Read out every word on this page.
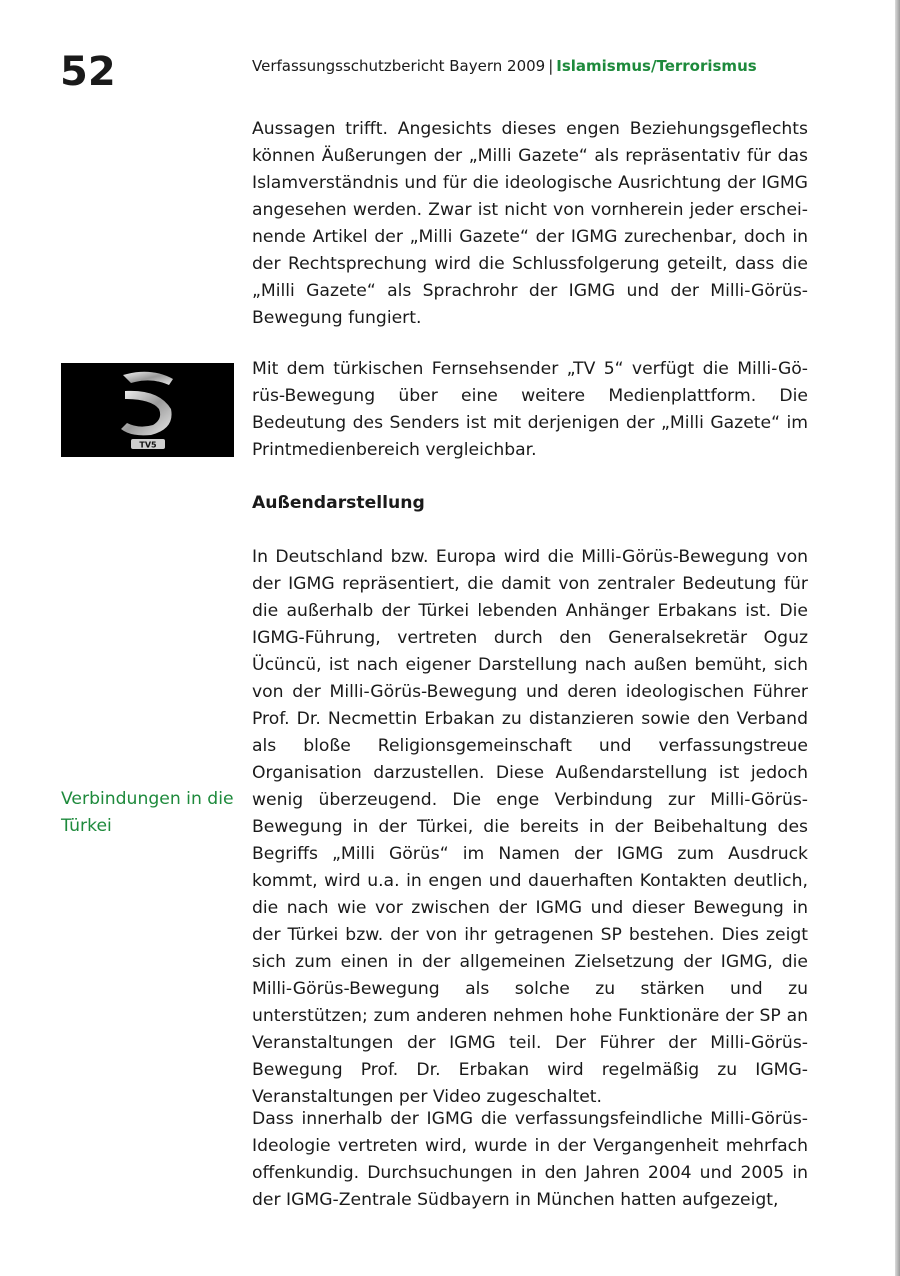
52	Verfassungsschutzbericht Bayern 2009 | Islamismus/Terrorismus

Aussagen trifft. Angesichts dieses engen Beziehungsgeflechts können Äußerungen der „Milli Gazete“ als repräsentativ für das Islamverständnis und für die ideologische Ausrichtung der IGMG angesehen werden. Zwar ist nicht von vornherein jeder erscheinende Artikel der „Milli Gazete“ der IGMG zurechenbar, doch in der Rechtsprechung wird die Schlussfolgerung geteilt, dass die „Milli Gazete“ als Sprachrohr der IGMG und der Milli-Görüs-Bewegung fungiert.

TV5

Mit dem türkischen Fernsehsender „TV 5“ verfügt die Milli-Görüs-Bewegung über eine weitere Medienplattform. Die Bedeutung des Senders ist mit derjenigen der „Milli Gazete“ im Printmedienbereich vergleichbar.

Außendarstellung
Verbindungen in die Türkei

In Deutschland bzw. Europa wird die Milli-Görüs-Bewegung von der IGMG repräsentiert, die damit von zentraler Bedeutung für die außerhalb der Türkei lebenden Anhänger Erbakans ist. Die IGMG-Führung, vertreten durch den Generalsekretär Oguz Ücüncü, ist nach eigener Darstellung nach außen bemüht, sich von der Milli-Görüs-Bewegung und deren ideologischen Führer Prof. Dr. Necmettin Erbakan zu distanzieren sowie den Verband als bloße Religionsgemeinschaft und verfassungstreue Organisation darzustellen. Diese Außendarstellung ist jedoch wenig überzeugend. Die enge Verbindung zur Milli-Görüs-Bewegung in der Türkei, die bereits in der Beibehaltung des Begriffs „Milli Görüs“ im Namen der IGMG zum Ausdruck kommt, wird u.a. in engen und dauerhaften Kontakten deutlich, die nach wie vor zwischen der IGMG und dieser Bewegung in der Türkei bzw. der von ihr getragenen SP bestehen. Dies zeigt sich zum einen in der allgemeinen Zielsetzung der IGMG, die Milli-Görüs-Bewegung als solche zu stärken und zu unterstützen; zum anderen nehmen hohe Funktionäre der SP an Veranstaltungen der IGMG teil. Der Führer der Milli-Görüs-Bewegung Prof. Dr. Erbakan wird regelmäßig zu IGMG-Veranstaltungen per Video zugeschaltet.

Dass innerhalb der IGMG die verfassungsfeindliche Milli-Görüs-Ideologie vertreten wird, wurde in der Vergangenheit mehrfach offenkundig. Durchsuchungen in den Jahren 2004 und 2005 in der IGMG-Zentrale Südbayern in München hatten aufgezeigt,
